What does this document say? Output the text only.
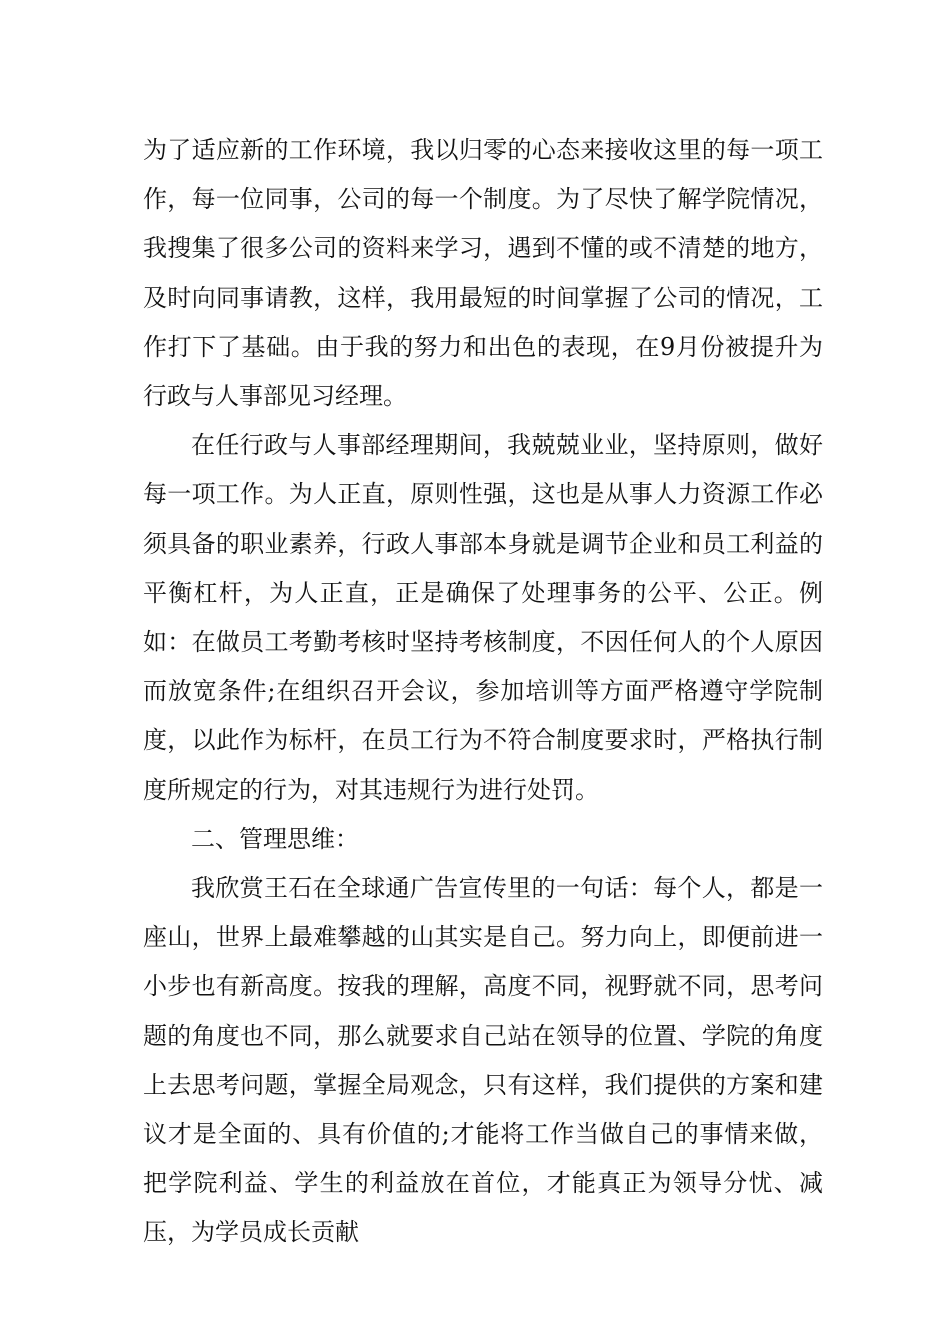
为了适应新的工作环境，我以归零的心态来接收这里的每一项工作，每一位同事，公司的每一个制度。为了尽快了解学院情况，我搜集了很多公司的资料来学习，遇到不懂的或不清楚的地方，及时向同事请教，这样，我用最短的时间掌握了公司的情况，工作打下了基础。由于我的努力和出色的表现，在9月份被提升为行政与人事部见习经理。

在任行政与人事部经理期间，我兢兢业业，坚持原则，做好每一项工作。为人正直，原则性强，这也是从事人力资源工作必须具备的职业素养，行政人事部本身就是调节企业和员工利益的平衡杠杆，为人正直，正是确保了处理事务的公平、公正。例如：在做员工考勤考核时坚持考核制度，不因任何人的个人原因而放宽条件;在组织召开会议，参加培训等方面严格遵守学院制度，以此作为标杆，在员工行为不符合制度要求时，严格执行制度所规定的行为，对其违规行为进行处罚。

二、管理思维：

我欣赏王石在全球通广告宣传里的一句话：每个人，都是一座山，世界上最难攀越的山其实是自己。努力向上，即便前进一小步也有新高度。按我的理解，高度不同，视野就不同，思考问题的角度也不同，那么就要求自己站在领导的位置、学院的角度上去思考问题，掌握全局观念，只有这样，我们提供的方案和建议才是全面的、具有价值的;才能将工作当做自己的事情来做，把学院利益、学生的利益放在首位，才能真正为领导分忧、减压，为学员成长贡献
